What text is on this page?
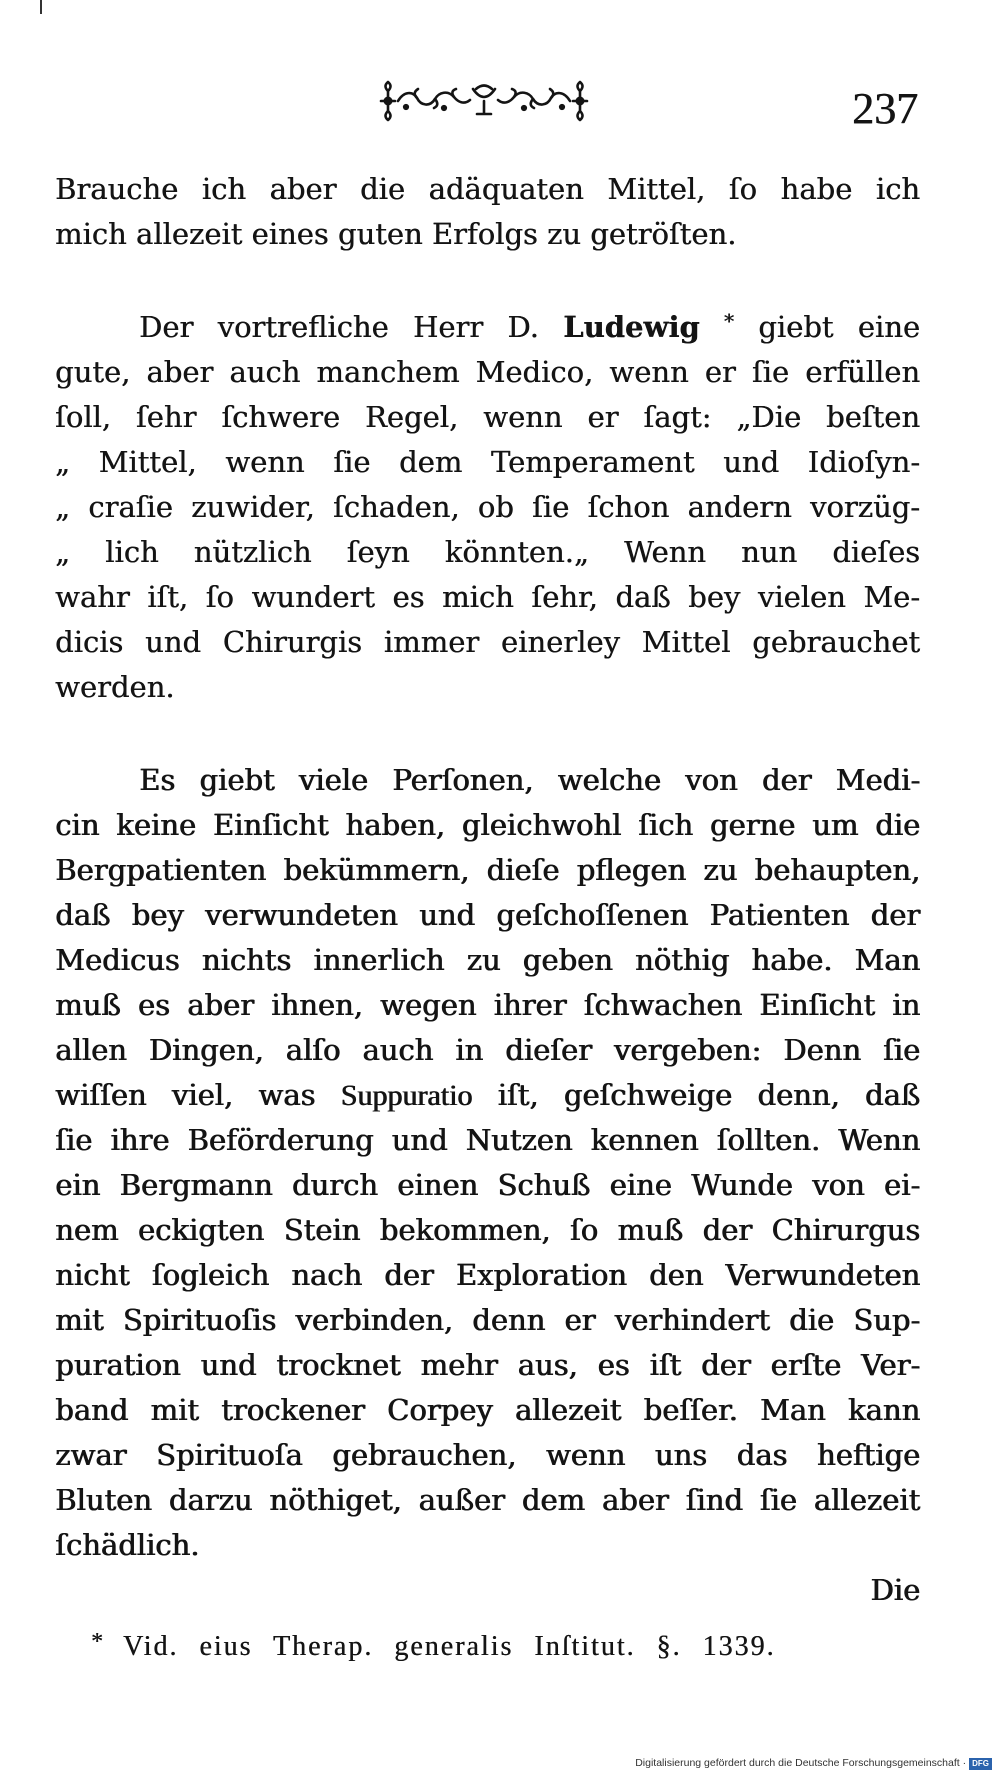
237
Brauche ich aber die adäquaten Mittel, ſo habe ich
mich allezeit eines guten Erfolgs zu getröſten.
Der vortrefliche Herr D. Ludewig * giebt eine
gute, aber auch manchem Medico, wenn er ſie erfüllen
ſoll, ſehr ſchwere Regel, wenn er ſagt: „Die beſten
„ Mittel, wenn ſie dem Temperament und Idioſyn-
„ craſie zuwider, ſchaden, ob ſie ſchon andern vorzüg-
„ lich nützlich ſeyn könnten.„ Wenn nun dieſes
wahr iſt, ſo wundert es mich ſehr, daß bey vielen Me-
dicis und Chirurgis immer einerley Mittel gebrauchet
werden.
Es giebt viele Perſonen, welche von der Medi-
cin keine Einſicht haben, gleichwohl ſich gerne um die
Bergpatienten bekümmern, dieſe pflegen zu behaupten,
daß bey verwundeten und geſchoſſenen Patienten der
Medicus nichts innerlich zu geben nöthig habe. Man
muß es aber ihnen, wegen ihrer ſchwachen Einſicht in
allen Dingen, alſo auch in dieſer vergeben: Denn ſie
wiſſen viel, was Suppuratio iſt, geſchweige denn, daß
ſie ihre Beförderung und Nutzen kennen ſollten. Wenn
ein Bergmann durch einen Schuß eine Wunde von ei-
nem eckigten Stein bekommen, ſo muß der Chirurgus
nicht ſogleich nach der Exploration den Verwundeten
mit Spirituoſis verbinden, denn er verhindert die Sup-
puration und trocknet mehr aus, es iſt der erſte Ver-
band mit trockener Corpey allezeit beſſer. Man kann
zwar Spirituoſa gebrauchen, wenn uns das heftige
Bluten darzu nöthiget, außer dem aber ſind ſie allezeit
ſchädlich.
Die
* Vid. eius Therap. generalis Inſtitut. §. 1339.
Digitalisierung gefördert durch die Deutsche Forschungsgemeinschaft · DFG
